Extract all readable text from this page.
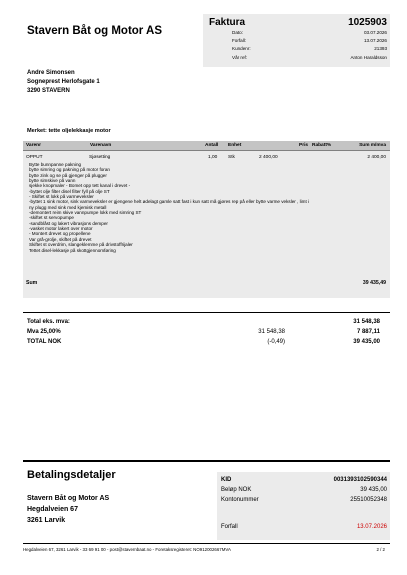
Stavern Båt og Motor AS
Faktura	1025903
Dato:	03.07.2026
Forfall:	13.07.2026
Kundenr:	21393
Vår ref:	Anton Haraldsson
Andre Simonsen
Sogneprest Herlofsgate 1
3290 STAVERN
Merket: tette oljelekkasje motor
Varenr	Varenavn	Antall Enhet	Pris Rabatt%	Sum m/mva
OPPUT	Sjøsetting	1,00 Stk	2 400,00	2 400,00
Bytte bunnpanne pakning
bytte simring og pakning på motor foran
bytte zink og se på gjenger på plugger
bytte simskive på vann
sjekke knopmaler - Bomet opp tett kanal i drevet -
-byttet olje filter disel filter fyll på olje ST
- Skiftet st lokk på varmeveksler
-byttet 1 sink motor, sink varmeveksler er gjengene helt ødelagt gamle satt fast i kun satt må gjøres rep på eller bytte varme veksler , limt i
ny plugg med sink med kjemisk metall
-demontert reim skive vannpumpe lokk med simring ST
-skiftet st servopumpe
-sandblåst og lakert vibrasjons demper
-vasket motor lakert over motor
- Montert drevet og propellene
Var grå-grolje, skiftet på drevet
Skiftet st overdrim, slangeklemme på drivstoffrijaler
Tettet disel-lekkasje på skottgjennomføring
Sum	39 435,49
Total eks. mva:	31 548,38
Mva 25,00%	31 548,38	7 887,11
TOTAL NOK	(-0,49)	39 435,00
Betalingsdetaljer
Stavern Båt og Motor AS
Hegdalveien 67
3261 Larvik
KID	0031393102590344
Beløp NOK	39 435,00
Kontonummer	25510052348
Forfall	13.07.2026
Hegdalveien 67, 3261 Larvik - 33 69 91 00 - post@stavernbaat.no - Foretaksregisteret: NO912002667MVA	2 / 2
